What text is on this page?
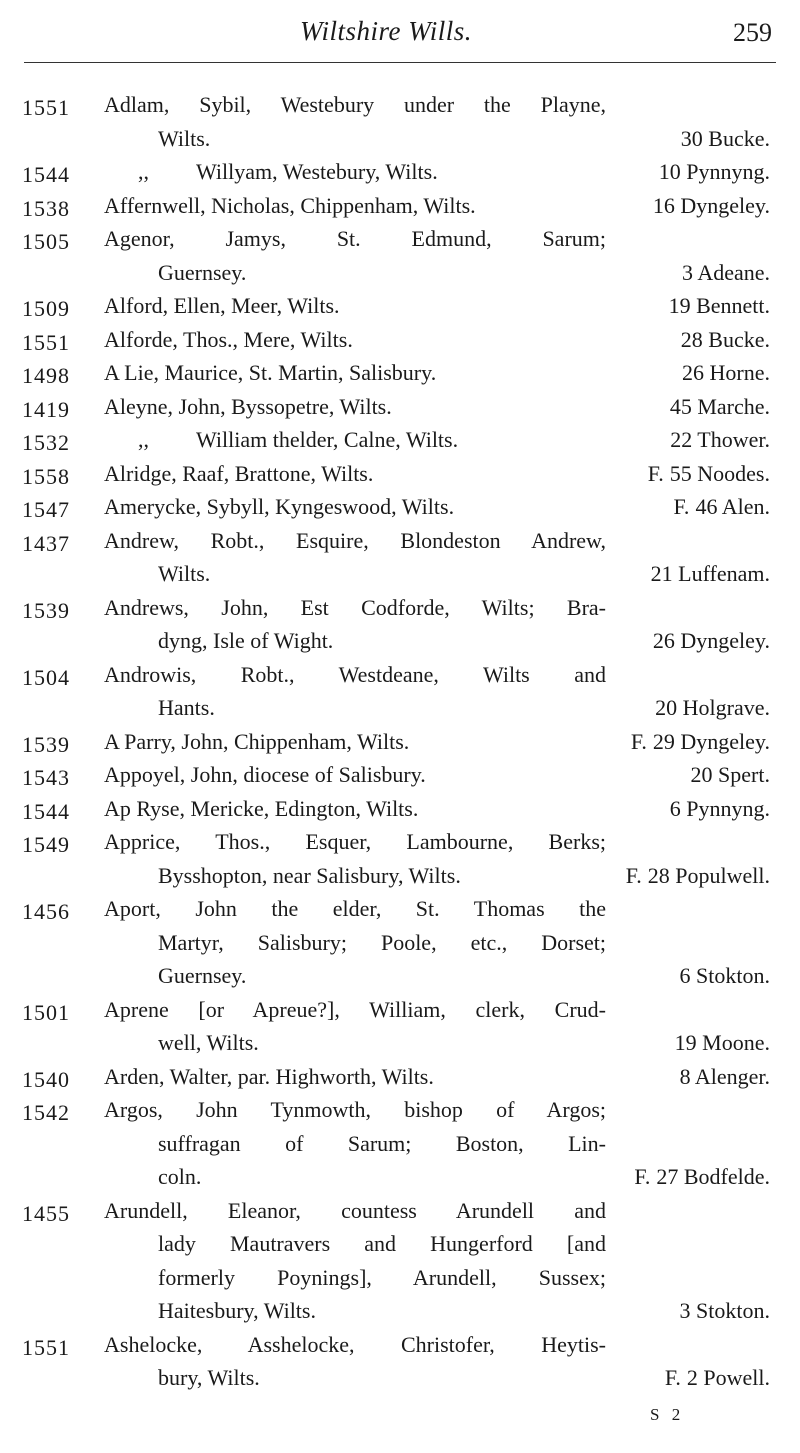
Wiltshire Wills.	259
1551 Adlam, Sybil, Westebury under the Playne,
Wilts.	30 Bucke.
1544	,, Willyam, Westebury, Wilts.	10 Pynnyng.
1538 Affernwell, Nicholas, Chippenham, Wilts.	16 Dyngeley.
1505 Agenor, Jamys, St. Edmund, Sarum;
Guernsey.	3 Adeane.
1509 Alford, Ellen, Meer, Wilts.	19 Bennett.
1551 Alforde, Thos., Mere, Wilts.	28 Bucke.
1498 A Lie, Maurice, St. Martin, Salisbury.	26 Horne.
1419 Aleyne, John, Byssopetre, Wilts.	45 Marche.
1532	,, William thelder, Calne, Wilts.	22 Thower.
1558 Alridge, Raaf, Brattone, Wilts.	F. 55 Noodes.
1547 Amerycke, Sybyll, Kyngeswood, Wilts.	F. 46 Alen.
1437 Andrew, Robt., Esquire, Blondeston Andrew,
Wilts.	21 Luffenam.
1539 Andrews, John, Est Codforde, Wilts; Bra-
dyng, Isle of Wight.	26 Dyngeley.
1504 Androwis, Robt., Westdeane, Wilts and
Hants.	20 Holgrave.
1539 A Parry, John, Chippenham, Wilts.	F. 29 Dyngeley.
1543 Appoyel, John, diocese of Salisbury.	20 Spert.
1544 Ap Ryse, Mericke, Edington, Wilts.	6 Pynnyng.
1549 Apprice, Thos., Esquer, Lambourne, Berks;
Bysshopton, near Salisbury, Wilts.	F. 28 Populwell.
1456 Aport, John the elder, St. Thomas the
Martyr, Salisbury; Poole, etc., Dorset;
Guernsey.	6 Stokton.
1501 Aprene [or Apreue?], William, clerk, Crud-
well, Wilts.	19 Moone.
1540 Arden, Walter, par. Highworth, Wilts.	8 Alenger.
1542 Argos, John Tynmowth, bishop of Argos;
suffragan of Sarum; Boston, Lin-
coln.	F. 27 Bodfelde.
1455 Arundell, Eleanor, countess Arundell and
lady Mautravers and Hungerford [and
formerly Poynings], Arundell, Sussex;
Haitesbury, Wilts.	3 Stokton.
1551 Ashelocke, Asshelocke, Christofer, Heytis-
bury, Wilts.	F. 2 Powell.
S 2
